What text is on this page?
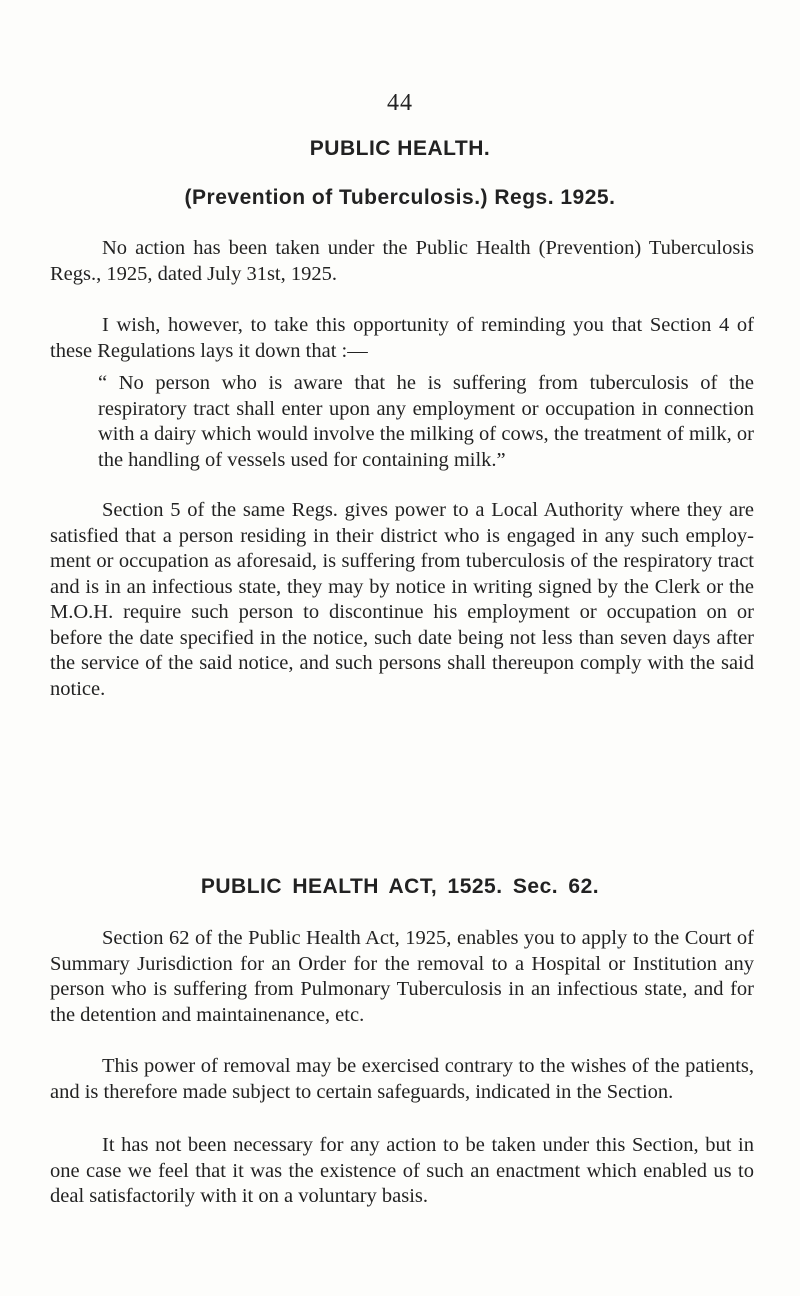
44
PUBLIC HEALTH.
(Prevention of Tuberculosis.) Regs. 1925.

No action has been taken under the Public Health (Prevention) Tuberculosis Regs., 1925, dated July 31st, 1925.

I wish, however, to take this opportunity of reminding you that Section 4 of these Regulations lays it down that :—

“ No person who is aware that he is suffering from tuberculosis of the respiratory tract shall enter upon any employment or occupation in connection with a dairy which would involve the milking of cows, the treatment of milk, or the handling of vessels used for containing milk.”

Section 5 of the same Regs. gives power to a Local Authority where they are satisfied that a person residing in their district who is engaged in any such employ- ment or occupation as aforesaid, is suffering from tuberculosis of the respiratory tract and is in an infectious state, they may by notice in writing signed by the Clerk or the M.O.H. require such person to discontinue his employment or occupation on or before the date specified in the notice, such date being not less than seven days after the service of the said notice, and such persons shall thereupon comply with the said notice.

PUBLIC HEALTH ACT, 1525. Sec. 62.

Section 62 of the Public Health Act, 1925, enables you to apply to the Court of Summary Jurisdiction for an Order for the removal to a Hospital or Institution any person who is suffering from Pulmonary Tuberculosis in an infectious state, and for the detention and maintainenance, etc.

This power of removal may be exercised contrary to the wishes of the patients, and is therefore made subject to certain safeguards, indicated in the Section.

It has not been necessary for any action to be taken under this Section, but in one case we feel that it was the existence of such an enactment which enabled us to deal satisfactorily with it on a voluntary basis.
